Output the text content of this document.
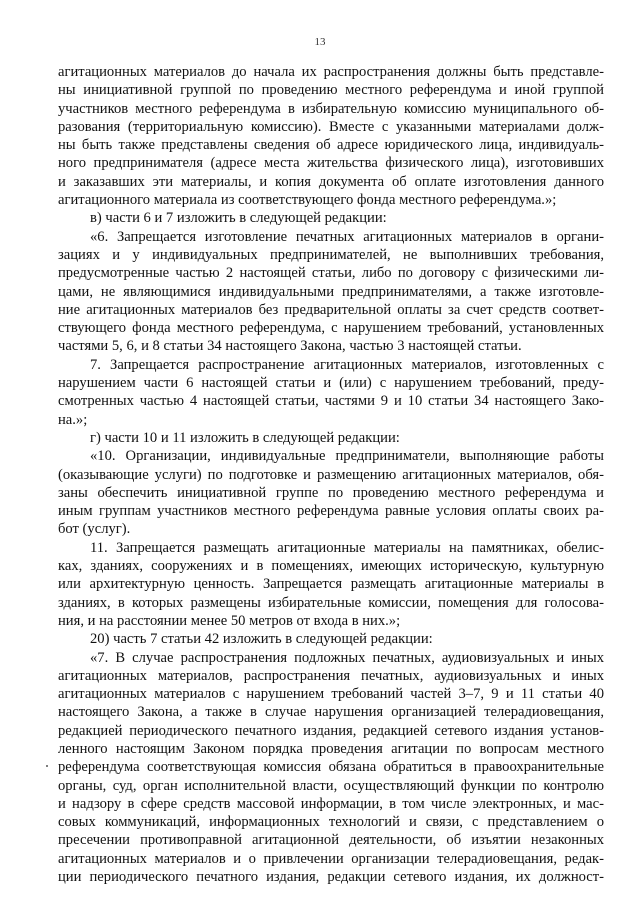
13
агитационных материалов до начала их распространения должны быть представле-
ны инициативной группой по проведению местного референдума и иной группой
участников местного референдума в избирательную комиссию муниципального об-
разования (территориальную комиссию). Вместе с указанными материалами долж-
ны быть также представлены сведения об адресе юридического лица, индивидуаль-
ного предпринимателя (адресе места жительства физического лица), изготовивших
и заказавших эти материалы, и копия документа об оплате изготовления данного
агитационного материала из соответствующего фонда местного референдума.»;
в) части 6 и 7 изложить в следующей редакции:
«6. Запрещается изготовление печатных агитационных материалов в органи-
зациях и у индивидуальных предпринимателей, не выполнивших требования,
предусмотренные частью 2 настоящей статьи, либо по договору с физическими ли-
цами, не являющимися индивидуальными предпринимателями, а также изготовле-
ние агитационных материалов без предварительной оплаты за счет средств соответ-
ствующего фонда местного референдума, с нарушением требований, установленных
частями 5, 6, и 8 статьи 34 настоящего Закона, частью 3 настоящей статьи.
7. Запрещается распространение агитационных материалов, изготовленных с
нарушением части 6 настоящей статьи и (или) с нарушением требований, преду-
смотренных частью 4 настоящей статьи, частями 9 и 10 статьи 34 настоящего Зако-
на.»;
г) части 10 и 11 изложить в следующей редакции:
«10. Организации, индивидуальные предприниматели, выполняющие работы
(оказывающие услуги) по подготовке и размещению агитационных материалов, обя-
заны обеспечить инициативной группе по проведению местного референдума и
иным группам участников местного референдума равные условия оплаты своих ра-
бот (услуг).
11. Запрещается размещать агитационные материалы на памятниках, обелис-
ках, зданиях, сооружениях и в помещениях, имеющих историческую, культурную
или архитектурную ценность. Запрещается размещать агитационные материалы в
зданиях, в которых размещены избирательные комиссии, помещения для голосова-
ния, и на расстоянии менее 50 метров от входа в них.»;
20) часть 7 статьи 42 изложить в следующей редакции:
«7. В случае распространения подложных печатных, аудиовизуальных и иных
агитационных материалов, распространения печатных, аудиовизуальных и иных
агитационных материалов с нарушением требований частей 3–7, 9 и 11 статьи 40
настоящего Закона, а также в случае нарушения организацией телерадиовещания,
редакцией периодического печатного издания, редакцией сетевого издания установ-
ленного настоящим Законом порядка проведения агитации по вопросам местного
референдума соответствующая комиссия обязана обратиться в правоохранительные
органы, суд, орган исполнительной власти, осуществляющий функции по контролю
и надзору в сфере средств массовой информации, в том числе электронных, и мас-
совых коммуникаций, информационных технологий и связи, с представлением о
пресечении противоправной агитационной деятельности, об изъятии незаконных
агитационных материалов и о привлечении организации телерадиовещания, редак-
ции периодического печатного издания, редакции сетевого издания, их должност-
